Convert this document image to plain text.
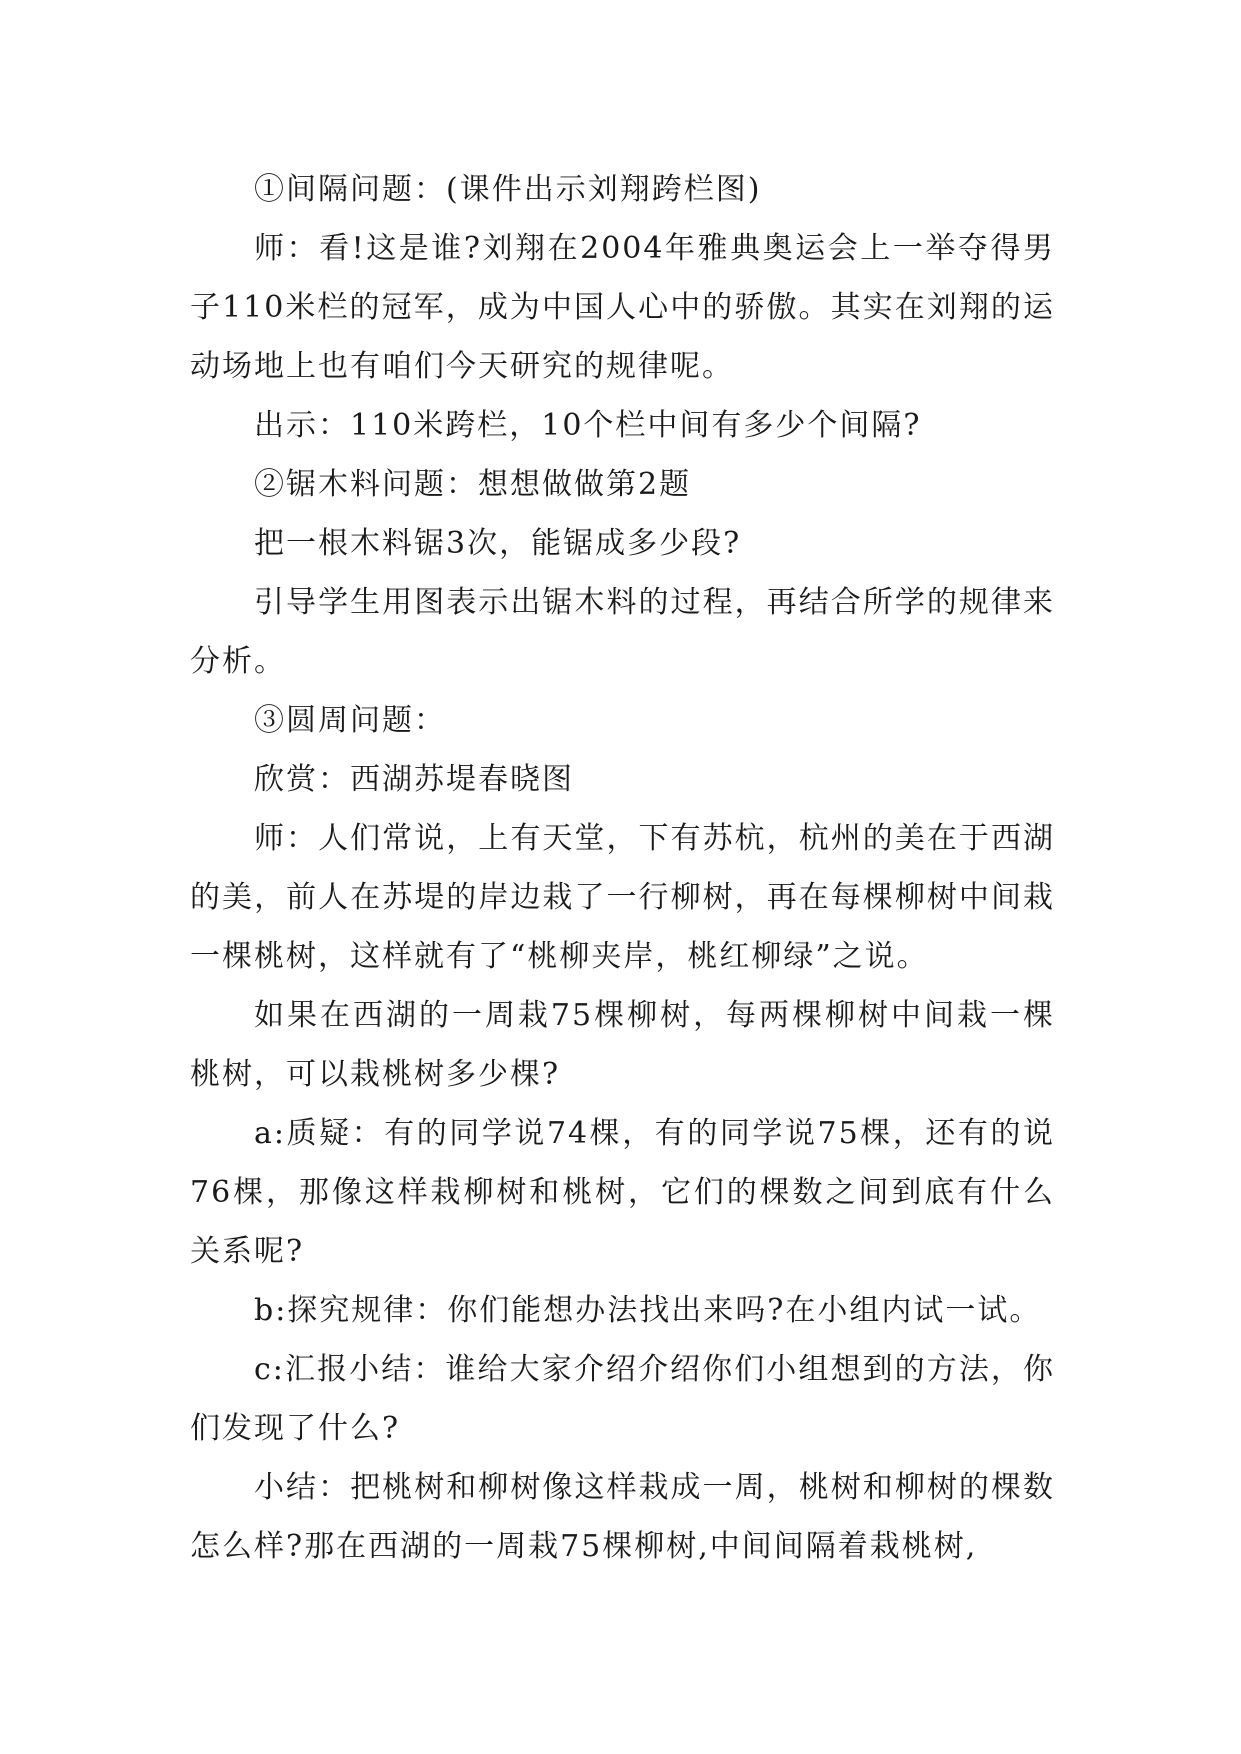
①间隔问题：(课件出示刘翔跨栏图)

师：看!这是谁?刘翔在2004年雅典奥运会上一举夺得男子110米栏的冠军，成为中国人心中的骄傲。其实在刘翔的运动场地上也有咱们今天研究的规律呢。

出示：110米跨栏，10个栏中间有多少个间隔?

②锯木料问题：想想做做第2题

把一根木料锯3次，能锯成多少段?

引导学生用图表示出锯木料的过程，再结合所学的规律来分析。

③圆周问题：

欣赏：西湖苏堤春晓图

师：人们常说，上有天堂，下有苏杭，杭州的美在于西湖的美，前人在苏堤的岸边栽了一行柳树，再在每棵柳树中间栽一棵桃树，这样就有了“桃柳夹岸，桃红柳绿”之说。

如果在西湖的一周栽75棵柳树，每两棵柳树中间栽一棵桃树，可以栽桃树多少棵?

a:质疑：有的同学说74棵，有的同学说75棵，还有的说76棵，那像这样栽柳树和桃树，它们的棵数之间到底有什么关系呢?

b:探究规律：你们能想办法找出来吗?在小组内试一试。

c:汇报小结：谁给大家介绍介绍你们小组想到的方法，你们发现了什么?

小结：把桃树和柳树像这样栽成一周，桃树和柳树的棵数怎么样?那在西湖的一周栽75棵柳树,中间间隔着栽桃树,
